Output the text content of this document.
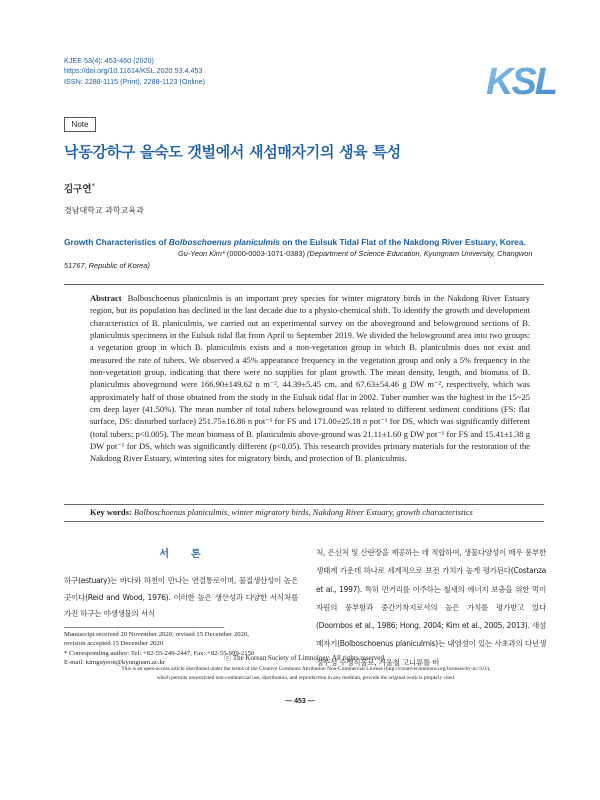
KJEE 53(4): 453-460 (2020)
https://doi.org/10.11614/KSL.2020.53.4.453
ISSN: 2288-1115 (Print), 2288-1123 (Online)	KSL
Note
낙동강하구 을숙도 갯벌에서 새섬매자기의 생육 특성
김구연*
경남대학교 과학교육과
Growth Characteristics of Bolboschoenus planiculmis on the Eulsuk Tidal Flat of the Nakdong River Estuary, Korea.
Gu-Yeon Kim* (0000-0003-1071-0383) (Department of Science Education, Kyungnam University, Changwon 51767, Republic of Korea)
Abstract Bolboschoenus planiculmis is an important prey species for winter migratory birds in the Nakdong River Estuary region, but its population has declined in the last decade due to a physio-chemical shift. To identify the growth and development characteristics of B. planiculmis, we carried out an experimental survey on the aboveground and belowground sections of B. planiculmis specimens in the Eulsuk tidal flat from April to September 2019. We divided the belowground area into two groups: a vegetation group in which B. planiculmis exists and a non-vegetation group in which B. planiculmis does not exist and measured the rate of tubers. We observed a 45% appearance frequency in the vegetation group and only a 5% frequency in the non-vegetation group, indicating that there were no supplies for plant growth. The mean density, length, and biomass of B. planiculmis aboveground were 166.90±149.62 n m⁻², 44.39±5.45 cm, and 67.63±54.46 g DW m⁻², respectively, which was approximately half of those obtained from the study in the Eulsuk tidal flat in 2002. Tuber number was the highest in the 15~25 cm deep layer (41.50%). The mean number of total tubers belowground was related to different sediment conditions (FS: flat surface, DS: disturbed surface) 251.75±16.86 n pot⁻¹ for FS and 171.00±25.18 n pot⁻¹ for DS, which was significantly different (total tubers: p<0.005). The mean biomass of B. planiculmis above-ground was 21.11±1.60 g DW pot⁻¹ for FS and 15.41±1.38 g DW pot⁻¹ for DS, which was significantly different (p<0.05). This research provides primary materials for the restoration of the Nakdong River Estuary, wintering sites for migratory birds, and protection of B. planiculmis.
Key words: Bolboschoenus planiculmis, winter migratory birds, Nakdong River Estuary, growth characteristics
서론

하구(estuary)는 바다와 하천이 만나는 연결통로이며, 물질생산성이 높은 곳이다(Reid and Wood, 1976). 이러한 높은 생산성과 다양한 서식처를 가진 하구는 야생생물의 서식

처, 은신처 및 산란장을 제공하는 데 적합하여, 생물다양성이 매우 풍부한 생태계 가운데 하나로 세계적으로 보전 가치가 높게 평가된다(Costanza et al., 1997). 특히 먼거리를 이주하는 철새의 에너지 보충을 위한 먹이자원의 풍부함과 중간기착지로서의 높은 가치를 평가받고 있다(Doornbos et al., 1986; Hong, 2004; Kim et al., 2005, 2013). 새섬매자기(Bolboschoenus planiculmis)는 내염성이 있는 사초과의 다년생 정수성 수생식물로, 겨울철 고니류를 비

Manuscript received 20 November 2020, revised 15 December 2020,
revision accepted 15 December 2020
* Corresponding author: Tel: +82-55-249-2447, Fax: +82-55-999-2150
E-mail: kimguyeon@kyungnam.ac.kr
ⓒ The Korean Society of Limnology. All rights reserved.
This is an open-access article distributed under the terms of the Creative Commons Attribution Non-Commercial License (http://creativecommons.org/licenses/by-nc/3.0/),
which permits unrestricted non-commercial use, distribution, and reproduction in any medium, provide the original work is properly cited.
― 453 ―
